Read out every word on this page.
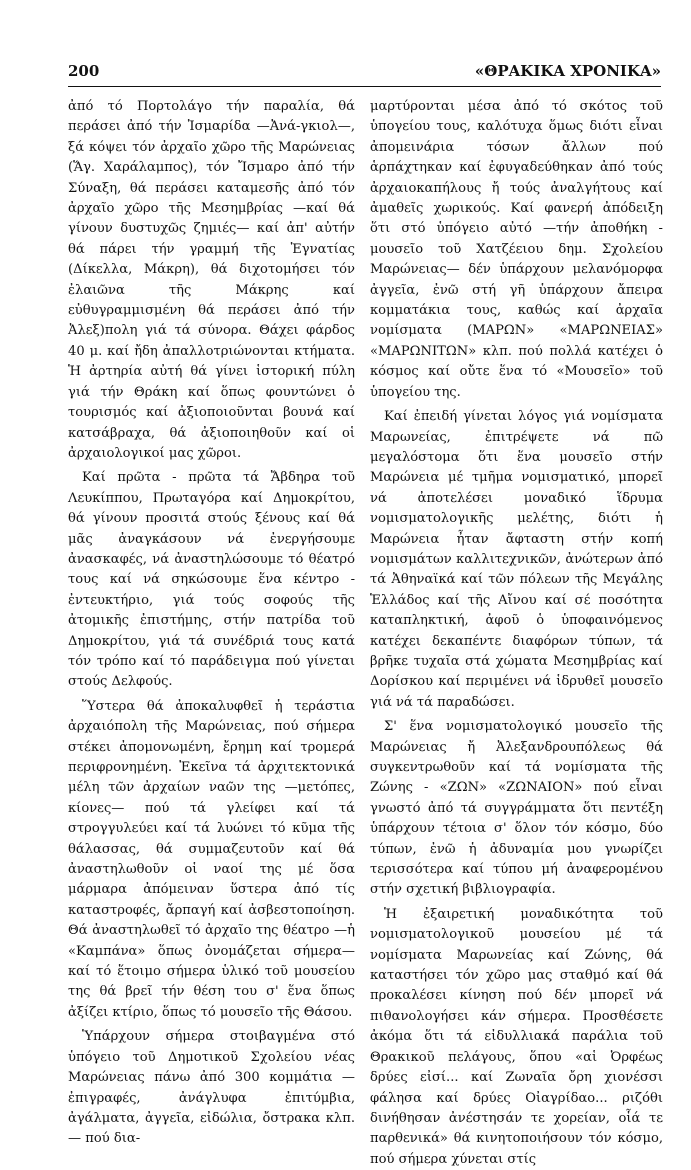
200	«ΘΡΑΚΙΚΑ ΧΡΟΝΙΚΑ»

ἀπό τό Πορτολάγο τήν παραλία, θά περάσει ἀπό τήν Ἰσμαρίδα —Ἀνά-γκιολ—, ξά κόψει τόν ἀρχαῖο χῶρο τῆς Μαρώνειας (Ἅγ. Χαράλαμπος), τόν Ἴσμαρο ἀπό τήν Σύναξη, θά περάσει καταμεσῆς ἀπό τόν ἀρχαῖο χῶρο τῆς Μεσημβρίας —καί θά γίνουν δυστυχῶς ζημιές— καί ἀπ' αὐτήν θά πάρει τήν γραμμή τῆς Ἐγνατίας (Δίκελλα, Μάκρη), θά διχοτομήσει τόν ἐλαιῶνα τῆς Μάκρης καί εὐθυγραμμισμένη θά περάσει ἀπό τήν Ἀλεξ)πολη γιά τά σύνορα. Θάχει φάρδος 40 μ. καί ἤδη ἀπαλλοτριώνονται κτήματα. Ἡ ἀρτηρία αὐτή θά γίνει ἱστορική πύλη γιά τήν Θράκη καί ὅπως φουντώνει ὁ τουρισμός καί ἀξιοποιοῦνται βουνά καί κατσάβραχα, θά ἀξιοποιηθοῦν καί οἱ ἀρχαιολογικοί μας χῶροι.

Καί πρῶτα - πρῶτα τά Ἄβδηρα τοῦ Λευκίππου, Πρωταγόρα καί Δημοκρίτου, θά γίνουν προσιτά στούς ξένους καί θά μᾶς ἀναγκάσουν νά ἐνεργήσουμε ἀνασκαφές, νά ἀναστηλώσουμε τό θέατρό τους καί νά σηκώσουμε ἕνα κέντρο - ἐντευκτήριο, γιά τούς σοφούς τῆς ἀτομικῆς ἐπιστήμης, στήν πατρίδα τοῦ Δημοκρίτου, γιά τά συνέδριά τους κατά τόν τρόπο καί τό παράδειγμα πού γίνεται στούς Δελφούς.

Ὕστερα θά ἀποκαλυφθεῖ ἡ τεράστια ἀρχαιόπολη τῆς Μαρώνειας, πού σήμερα στέκει ἀπομονωμένη, ἔρημη καί τρομερά περιφρονημένη. Ἐκεῖνα τά ἀρχιτεκτονικά μέλη τῶν ἀρχαίων ναῶν της —μετόπες, κίονες— πού τά γλείφει καί τά στρογγυλεύει καί τά λυώνει τό κῦμα τῆς θάλασσας, θά συμμαζευτοῦν καί θά ἀναστηλωθοῦν οἱ ναοί της μέ ὅσα μάρμαρα ἀπόμειναν ὕστερα ἀπό τίς καταστροφές, ἄρπαγή καί ἀσβεστοποίηση. Θά ἀναστηλωθεῖ τό ἀρχαῖο της θέατρο —ἡ «Καμπάνα» ὅπως ὀνομάζεται σήμερα— καί τό ἕτοιμο σήμερα ὑλικό τοῦ μουσείου της θά βρεῖ τήν θέση του σ' ἕνα ὅπως ἀξίζει κτίριο, ὅπως τό μουσεῖο τῆς Θάσου.

Ὑπάρχουν σήμερα στοιβαγμένα στό ὑπόγειο τοῦ Δημοτικοῦ Σχολείου νέας Μαρώνειας πάνω ἀπό 300 κομμάτια — ἐπιγραφές, ἀνάγλυφα ἐπιτύμβια, ἀγάλματα, ἀγγεῖα, εἰδώλια, ὄστρακα κλπ.— πού δια-

μαρτύρονται μέσα ἀπό τό σκότος τοῦ ὑπογείου τους, καλότυχα ὅμως διότι εἶναι ἀπομεινάρια τόσων ἄλλων πού ἁρπάχτηκαν καί ἐφυγαδεύθηκαν ἀπό τούς ἀρχαιοκαπήλους ἤ τούς ἀναλγήτους καί ἀμαθεῖς χωρικούς. Καί φανερή ἀπόδειξη ὅτι στό ὑπόγειο αὐτό —τήν ἀποθήκη - μουσεῖο τοῦ Χατζέειου δημ. Σχολείου Μαρώνειας— δέν ὑπάρχουν μελανόμορφα ἀγγεῖα, ἐνῶ στή γῆ ὑπάρχουν ἄπειρα κομματάκια τους, καθώς καί ἀρχαῖα νομίσματα (ΜΑΡΩΝ» «ΜΑΡΩΝΕΙΑΣ» «ΜΑΡΩΝΙΤΩΝ» κλπ. πού πολλά κατέχει ὁ κόσμος καί οὔτε ἕνα τό «Μουσεῖο» τοῦ ὑπογείου της.

Καί ἐπειδή γίνεται λόγος γιά νομίσματα Μαρωνείας, ἐπιτρέψετε νά πῶ μεγαλόστομα ὅτι ἕνα μουσεῖο στήν Μαρώνεια μέ τμῆμα νομισματικό, μπορεῖ νά ἀποτελέσει μοναδικό ἵδρυμα νομισματολογικῆς μελέτης, διότι ἡ Μαρώνεια ἦταν ἄφταστη στήν κοπή νομισμάτων καλλιτεχνικῶν, ἀνώτερων ἀπό τά Ἀθηναϊκά καί τῶν πόλεων τῆς Μεγάλης Ἑλλάδος καί τῆς Αἴνου καί σέ ποσότητα καταπληκτική, ἀφοῦ ὁ ὑποφαινόμενος κατέχει δεκαπέντε διαφόρων τύπων, τά βρῆκε τυχαῖα στά χώματα Μεσημβρίας καί Δορίσκου καί περιμένει νά ἱδρυθεῖ μουσεῖο γιά νά τά παραδώσει.

Σ' ἕνα νομισματολογικό μουσεῖο τῆς Μαρώνειας ἤ Ἀλεξανδρουπόλεως θά συγκεντρωθοῦν καί τά νομίσματα τῆς Ζώνης - «ΖΩΝ» «ΖΩΝΑΙΟΝ» πού εἶναι γνωστό ἀπό τά συγγράμματα ὅτι πεντέξη ὑπάρχουν τέτοια σ' ὅλον τόν κόσμο, δύο τύπων, ἐνῶ ἡ ἀδυναμία μου γνωρίζει τερισσότερα καί τύπου μή ἀναφερομένου στήν σχετική βιβλιογραφία.

Ἡ ἐξαιρετική μοναδικότητα τοῦ νομισματολογικοῦ μουσείου μέ τά νομίσματα Μαρωνείας καί Ζώνης, θά καταστήσει τόν χῶρο μας σταθμό καί θά προκαλέσει κίνηση πού δέν μπορεῖ νά πιθανολογήσει κάν σήμερα. Προσθέσετε ἀκόμα ὅτι τά εἰδυλλιακά παράλια τοῦ Θρακικοῦ πελάγους, ὅπου «αἱ Ὀρφέως δρύες εἰσί... καί Ζωναῖα ὄρη χιονέσσι φάλησα καί δρύες Οἰαγρίδαο... ριζόθι δινήθησαν ἀνέστησάν τε χορείαν, οἷά τε παρθενικά» θά κινητοποιήσουν τόν κόσμο, πού σήμερα χύνεται στίς
